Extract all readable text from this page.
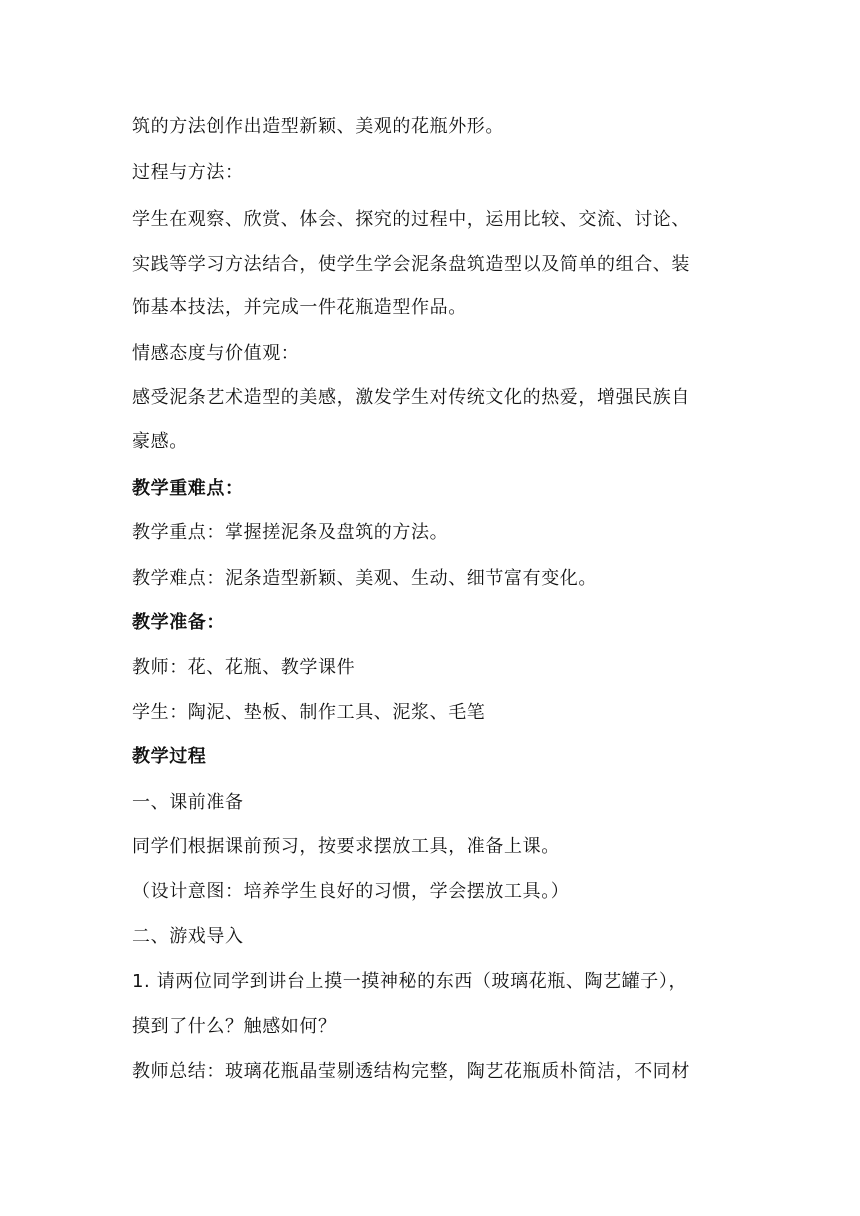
筑的方法创作出造型新颖、美观的花瓶外形。
过程与方法：
学生在观察、欣赏、体会、探究的过程中，运用比较、交流、讨论、
实践等学习方法结合，使学生学会泥条盘筑造型以及简单的组合、装
饰基本技法，并完成一件花瓶造型作品。
情感态度与价值观：
感受泥条艺术造型的美感，激发学生对传统文化的热爱，增强民族自
豪感。
教学重难点：
教学重点：掌握搓泥条及盘筑的方法。
教学难点：泥条造型新颖、美观、生动、细节富有变化。
教学准备：
教师：花、花瓶、教学课件
学生：陶泥、垫板、制作工具、泥浆、毛笔
教学过程
一、课前准备
同学们根据课前预习，按要求摆放工具，准备上课。
（设计意图：培养学生良好的习惯，学会摆放工具。）
二、游戏导入
1. 请两位同学到讲台上摸一摸神秘的东西（玻璃花瓶、陶艺罐子），
摸到了什么？触感如何？
教师总结：玻璃花瓶晶莹剔透结构完整，陶艺花瓶质朴简洁，不同材
